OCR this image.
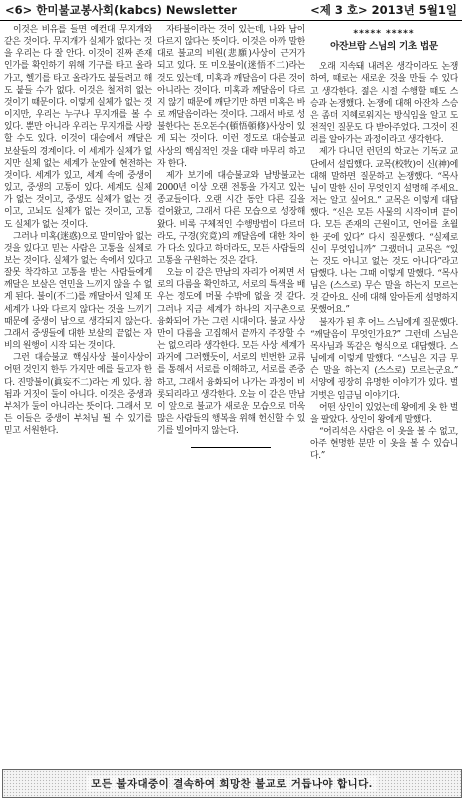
<6> 한미불교봉사회(kabcs) Newsletter	<제 3 호> 2013년 5월1일

이것은 비유를 들면 예컨대 무지개와 같은 것이다. 무지개가 실체가 없다는 것을 우리는 다 잘 안다. 이것이 진짜 존재인가를 확인하기 위해 기구를 타고 올라가고, 헬기를 타고 올라가도 붙들려고 해도 붙들 수가 없다. 이것은 철저히 없는 것이기 때문이다. 이렇게 실체가 없는 것이지만, 우리는 누구나 무지개를 볼 수 있다. 뿐만 아니라 우리는 무지개를 사랑할 수도 있다. 이것이 대승에서 깨달은 보살들의 경계이다. 이 세계가 실체가 없지만 실체 없는 세계가 눈앞에 현전하는 것이다. 세계가 있고, 세계 속에 중생이 있고, 중생의 고통이 있다. 세계도 실체가 없는 것이고, 중생도 실체가 없는 것이고, 고뇌도 실체가 없는 것이고, 고통도 실체가 없는 것이다.

그러나 미혹(迷惑)으로 말미암아 없는 것을 있다고 믿는 사람은 고통을 실체로 보는 것이다. 실체가 없는 속에서 있다고 잘못 착각하고 고통을 받는 사람들에게 깨달은 보살은 연민을 느끼지 않을 수 없게 된다. 불이(不二)를 깨달아서 일체 또 세계가 나와 다르지 않다는 것을 느끼기 때문에 중생이 남으로 생각되지 않는다. 그래서 중생들에 대한 보살의 끝없는 자비의 원행이 시작 되는 것이다.

그런 대승불교 핵심사상 불이사상이 어떤 것인지 한두 가지만 예를 들고자 한다. 진망불이(眞妄不二)라는 게 있다. 참됨과 거짓이 둘이 아니다. 이것은 중생과 부처가 둘이 아니라는 뜻이다. 그래서 모든 이들은 중생이 부처님 될 수 있기를 믿고 서원한다.

자타불이라는 것이 있는데, 나와 남이 다르지 않다는 뜻이다. 이것은 아까 말한 대로 불교의 비원(悲願)사상이 근거가 되고 있다. 또 미오불이(迷悟不二)라는 것도 있는데, 미혹과 깨달음이 다른 것이 아니라는 것이다. 미혹과 깨달음이 다르지 않기 때문에 깨닫기만 하면 미혹은 바로 깨달음이라는 것이다. 그래서 바로 성불한다는 돈오돈수(頓悟頓修)사상이 있게 되는 것이다. 이런 정도로 대승불교 사상의 핵심적인 것을 대략 마무리 하고자 한다.

제가 보기에 대승불교와 남방불교는 2000년 이상 오랜 전통을 가지고 있는 종교들이다. 오랜 시간 동안 다른 길을 걸어왔고, 그래서 다른 모습으로 성장해 왔다. 비록 구체적인 수행방법이 다르더라도, 구경(究竟)의 깨달음에 대한 차이가 다소 있다고 하더라도, 모든 사람들의 고통을 구원하는 것은 같다.

오늘 이 같은 만남의 자리가 어찌면 서로의 다름을 확인하고, 서로의 특색을 배우는 정도에 머물 수밖에 없을 것 같다. 그러나 지금 세계가 하나의 지구촌으로 융화되어 가는 그런 시대이다. 불교 사상만이 다름을 고집해서 끝까지 주장할 수는 없으리라 생각한다. 모든 사상 세계가 과거에 그러했듯이, 서로의 빈번한 교류를 통해서 서로를 이해하고, 서로를 존중하고, 그래서 융화되어 나가는 과정이 비롯되리라고 생각한다. 오늘 이 같은 만남이 앞으로 불교가 새로운 모습으로 더욱 많은 사람들의 행복을 위해 헌신할 수 있기를 빌어마지 않는다.

***** *****
아잔브람 스님의 기초 법문

오래 지속돼 내려온 생각이라도 논쟁하여, 때로는 새로운 것을 만들 수 있다고 생각한다. 젊은 시절 수행할 때도 스승과 논쟁했다. 논쟁에 대해 아잔차 스승은 좀더 지혜로워지는 방식임을 알고 도전적인 질문도 다 받아주었다. 그것이 진리를 알아가는 과정이라고 생각한다.

제가 다니던 런던의 학교는 기독교 교단에서 설립했다. 교목(校牧)이 신(神)에 대해 말하면 질문하고 논쟁했다. “목사님이 말한 신이 무엇인지 설명해 주세요. 저는 알고 싶어요.” 교목은 이렇게 대답했다. “신은 모든 사물의 시작이며 끝이다. 모든 존재의 근원이고, 언어를 초월한 곳에 있다” 다시 질문했다. “실제로 신이 무엇입니까” 그랬더니 교목은 “있는 것도 아니고 없는 것도 아니다”라고 답했다. 나는 그때 이렇게 말했다. “목사님은 (스스로) 무슨 말을 하는지 모르는 것 같아요. 신에 대해 알아듣게 설명하지 못했어요.”

불자가 된 후 어느 스님에게 질문했다. “깨달음이 무엇인가요?” 그런데 스님은 목사님과 똑같은 형식으로 대답했다. 스님에게 이렇게 말했다. “스님은 지금 무슨 말을 하는지 (스스로) 모르는군요.” 서양에 굉장히 유명한 이야기가 있다. 벌거벗은 임금님 이야기다.

어떤 상인이 있었는데 왕에게 옷 한 벌을 팔았다. 상인이 왕에게 말했다.

“어리석은 사람은 이 옷을 볼 수 없고, 아주 현명한 분만 이 옷을 볼 수 있습니다.”

모든 불자대중이 결속하여 희망찬 불교로 거듭나야 합니다.
